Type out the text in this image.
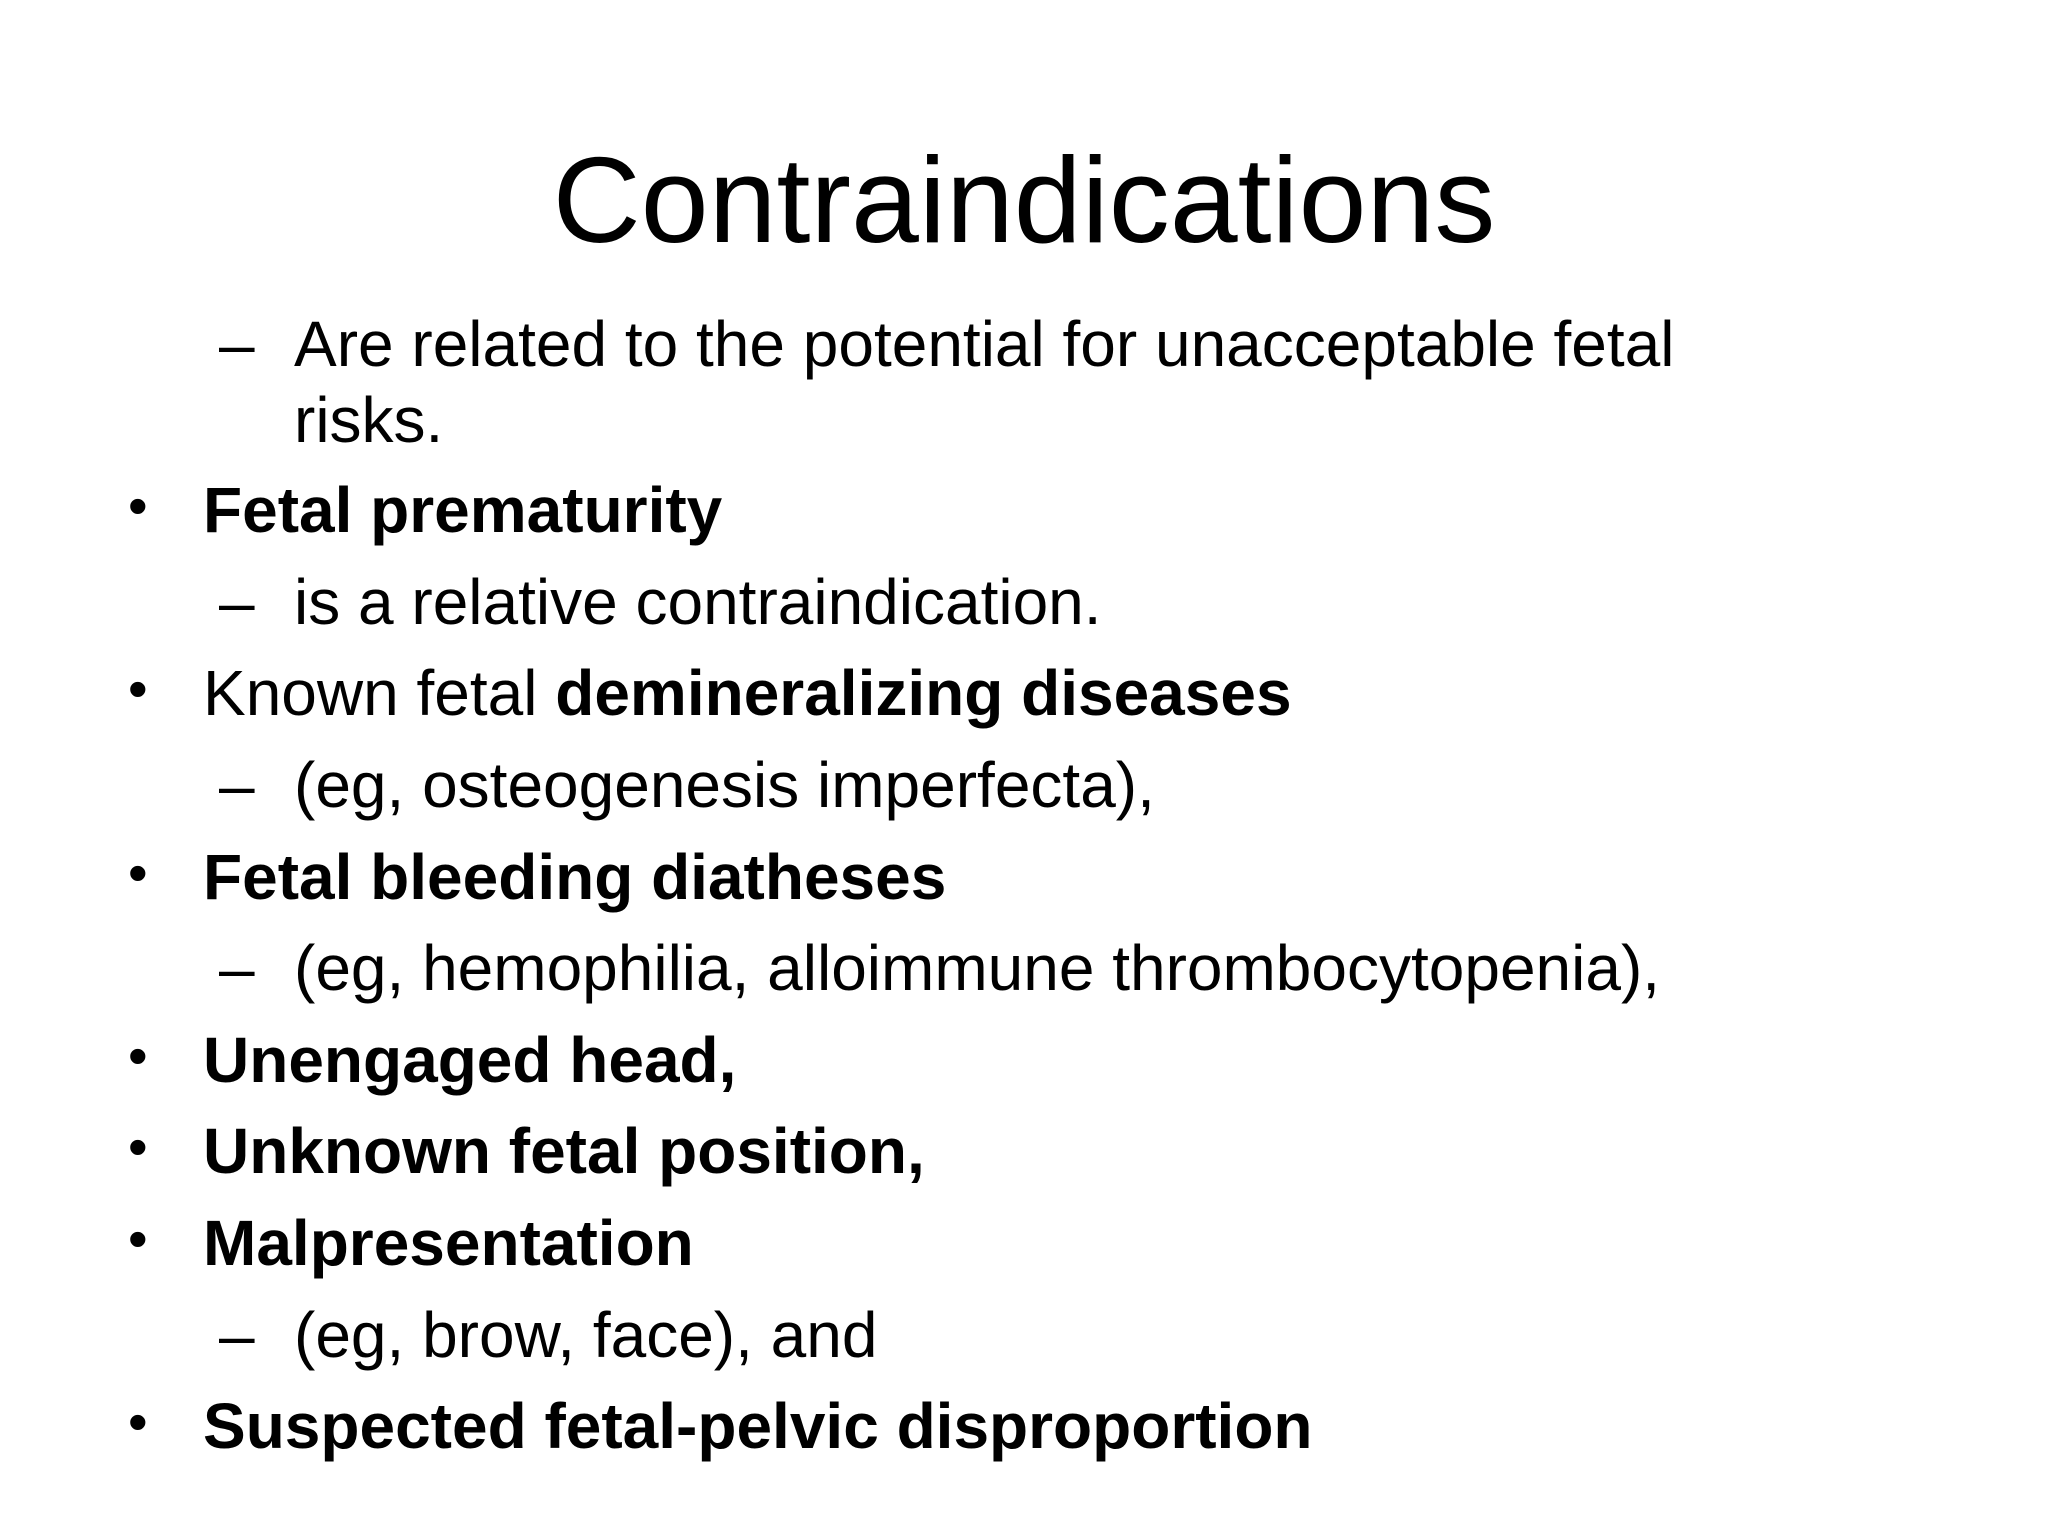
Contraindications
– Are related to the potential for unacceptable fetal risks.
• Fetal prematurity
– is a relative contraindication.
• Known fetal demineralizing diseases
– (eg, osteogenesis imperfecta),
• Fetal bleeding diatheses
– (eg, hemophilia, alloimmune thrombocytopenia),
• Unengaged head,
• Unknown fetal position,
• Malpresentation
– (eg, brow, face), and
• Suspected fetal-pelvic disproportion
